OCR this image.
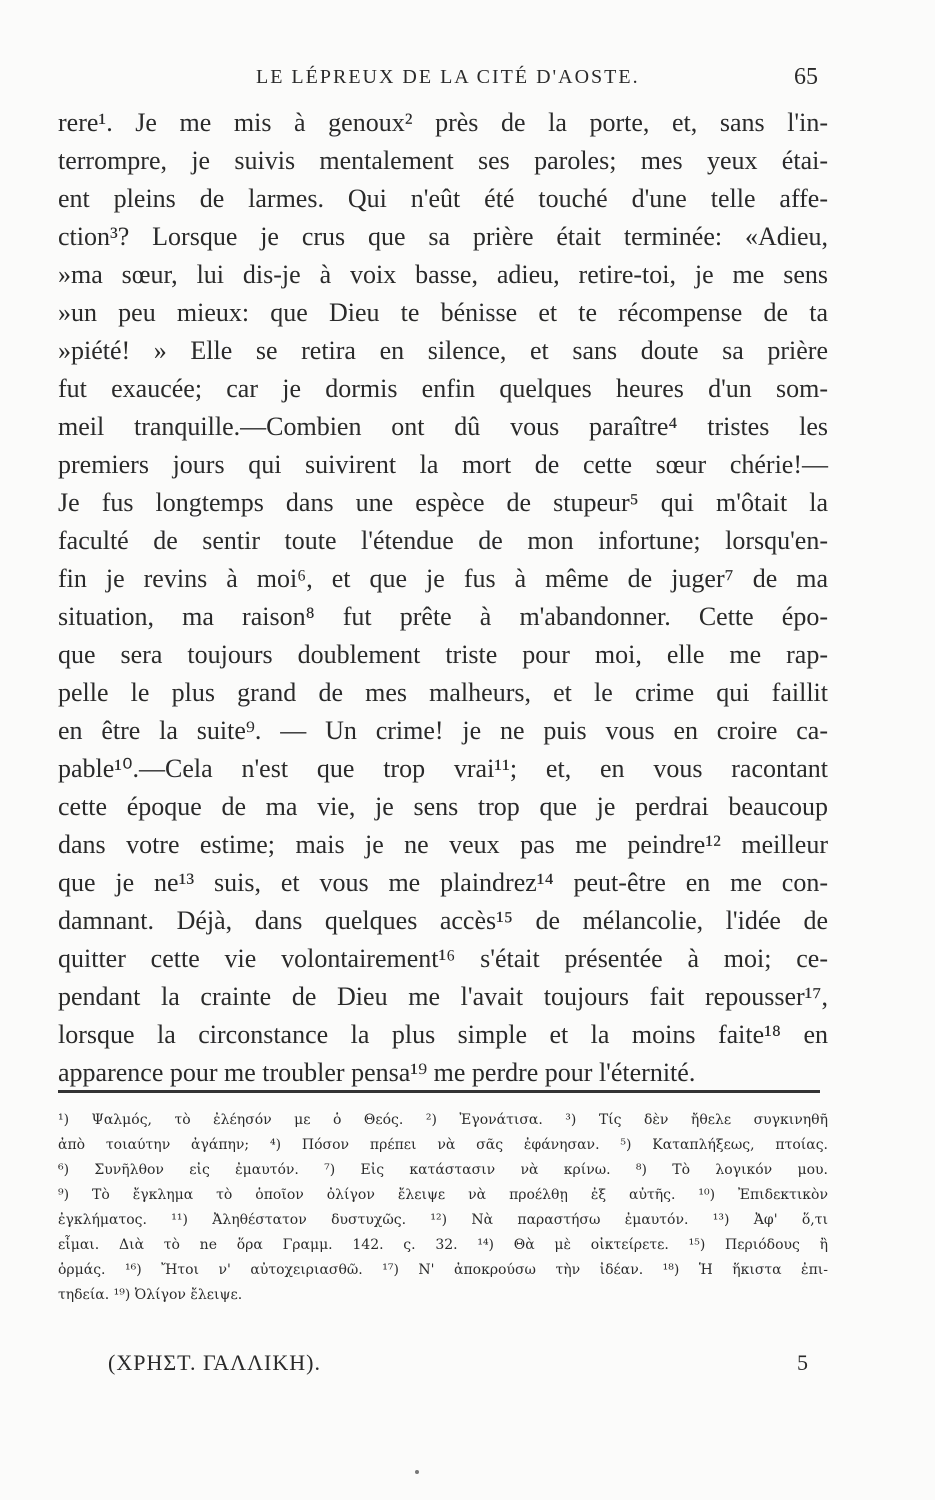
LE LÉPREUX DE LA CITÉ D'AOSTE.	65
rere¹. Je me mis à genoux² près de la porte, et, sans l'in-
terrompre, je suivis mentalement ses paroles; mes yeux étai-
ent pleins de larmes. Qui n'eût été touché d'une telle affe-
ction³? Lorsque je crus que sa prière était terminée: «Adieu,
»ma sœur, lui dis-je à voix basse, adieu, retire-toi, je me sens
»un peu mieux: que Dieu te bénisse et te récompense de ta
»piété! » Elle se retira en silence, et sans doute sa prière
fut exaucée; car je dormis enfin quelques heures d'un som-
meil tranquille.—Combien ont dû vous paraître⁴ tristes les
premiers jours qui suivirent la mort de cette sœur chérie!—
Je fus longtemps dans une espèce de stupeur⁵ qui m'ôtait la
faculté de sentir toute l'étendue de mon infortune; lorsqu'en-
fin je revins à moi⁶, et que je fus à même de juger⁷ de ma
situation, ma raison⁸ fut prête à m'abandonner. Cette épo-
que sera toujours doublement triste pour moi, elle me rap-
pelle le plus grand de mes malheurs, et le crime qui faillit
en être la suite⁹. — Un crime! je ne puis vous en croire ca-
pable¹⁰.—Cela n'est que trop vrai¹¹; et, en vous racontant
cette époque de ma vie, je sens trop que je perdrai beaucoup
dans votre estime; mais je ne veux pas me peindre¹² meilleur
que je ne¹³ suis, et vous me plaindrez¹⁴ peut-être en me con-
damnant. Déjà, dans quelques accès¹⁵ de mélancolie, l'idée de
quitter cette vie volontairement¹⁶ s'était présentée à moi; ce-
pendant la crainte de Dieu me l'avait toujours fait repousser¹⁷,
lorsque la circonstance la plus simple et la moins faite¹⁸ en
apparence pour me troubler pensa¹⁹ me perdre pour l'éternité.
¹) Ψαλμός, τὸ ἐλέησόν με ὁ Θεός. ²) Ἐγονάτισα. ³) Τίς δὲν ἤθελε συγκινηθῆ
ἀπὸ τοιαύτην ἀγάπην; ⁴) Πόσον πρέπει νὰ σᾶς ἐφάνησαν. ⁵) Καταπλήξεως, πτοίας.
⁶) Συνῆλθον εἰς ἐμαυτόν. ⁷) Εἰς κατάστασιν νὰ κρίνω. ⁸) Τὸ λογικόν μου.
⁹) Τὸ ἔγκλημα τὸ ὁποῖον ὀλίγον ἔλειψε νὰ προέλθῃ ἐξ αὐτῆς. ¹⁰) Ἐπιδεκτικὸν
ἐγκλήματος. ¹¹) Ἀληθέστατον δυστυχῶς. ¹²) Νὰ παραστήσω ἐμαυτόν. ¹³) Ἀφ' ὅ,τι
εἶμαι. Διὰ τὸ ne ὅρα Γραμμ. 142. ς. 32. ¹⁴) Θὰ μὲ οἰκτείρετε. ¹⁵) Περιόδους ἢ
ὁρμάς. ¹⁶) Ἤτοι ν' αὐτοχειριασθῶ. ¹⁷) Ν' ἀποκρούσω τὴν ἰδέαν. ¹⁸) Ἡ ἥκιστα ἐπι-
τηδεία. ¹⁹) Ὀλίγον ἔλειψε.
(ΧΡΗΣΤ. ΓΑΛΛΙΚΗ).	5
